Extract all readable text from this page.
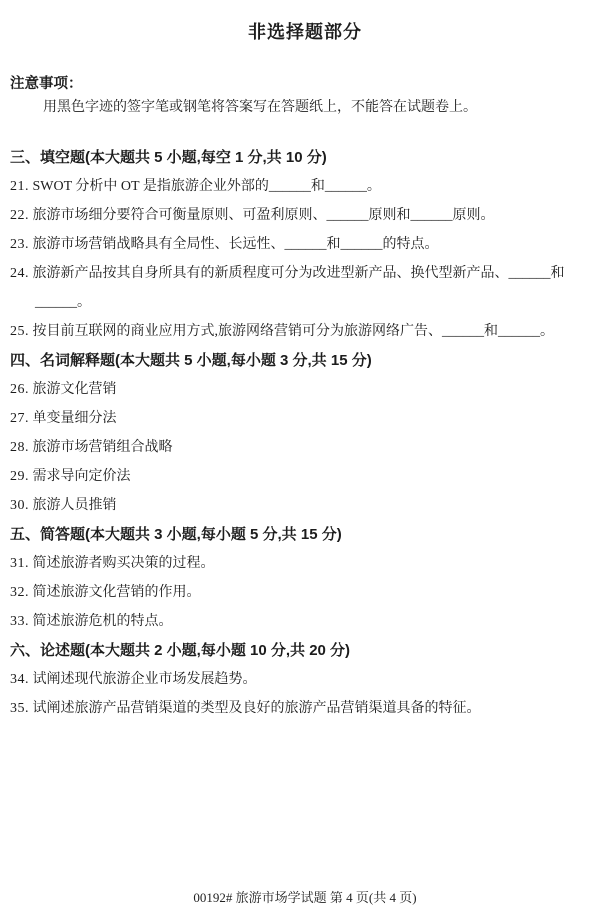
非选择题部分

注意事项：

用黑色字迹的签字笔或钢笔将答案写在答题纸上，不能答在试题卷上。

三、填空题(本大题共 5 小题,每空 1 分,共 10 分)

21. SWOT 分析中 OT 是指旅游企业外部的______和______。

22. 旅游市场细分要符合可衡量原则、可盈利原则、______原则和______原则。

23. 旅游市场营销战略具有全局性、长远性、______和______的特点。

24. 旅游新产品按其自身所具有的新质程度可分为改进型新产品、换代型新产品、______和______。

25. 按目前互联网的商业应用方式,旅游网络营销可分为旅游网络广告、______和______。

四、名词解释题(本大题共 5 小题,每小题 3 分,共 15 分)

26. 旅游文化营销

27. 单变量细分法

28. 旅游市场营销组合战略

29. 需求导向定价法

30. 旅游人员推销

五、简答题(本大题共 3 小题,每小题 5 分,共 15 分)

31. 简述旅游者购买决策的过程。

32. 简述旅游文化营销的作用。

33. 简述旅游危机的特点。

六、论述题(本大题共 2 小题,每小题 10 分,共 20 分)

34. 试阐述现代旅游企业市场发展趋势。

35. 试阐述旅游产品营销渠道的类型及良好的旅游产品营销渠道具备的特征。

00192# 旅游市场学试题 第 4 页(共 4 页)
